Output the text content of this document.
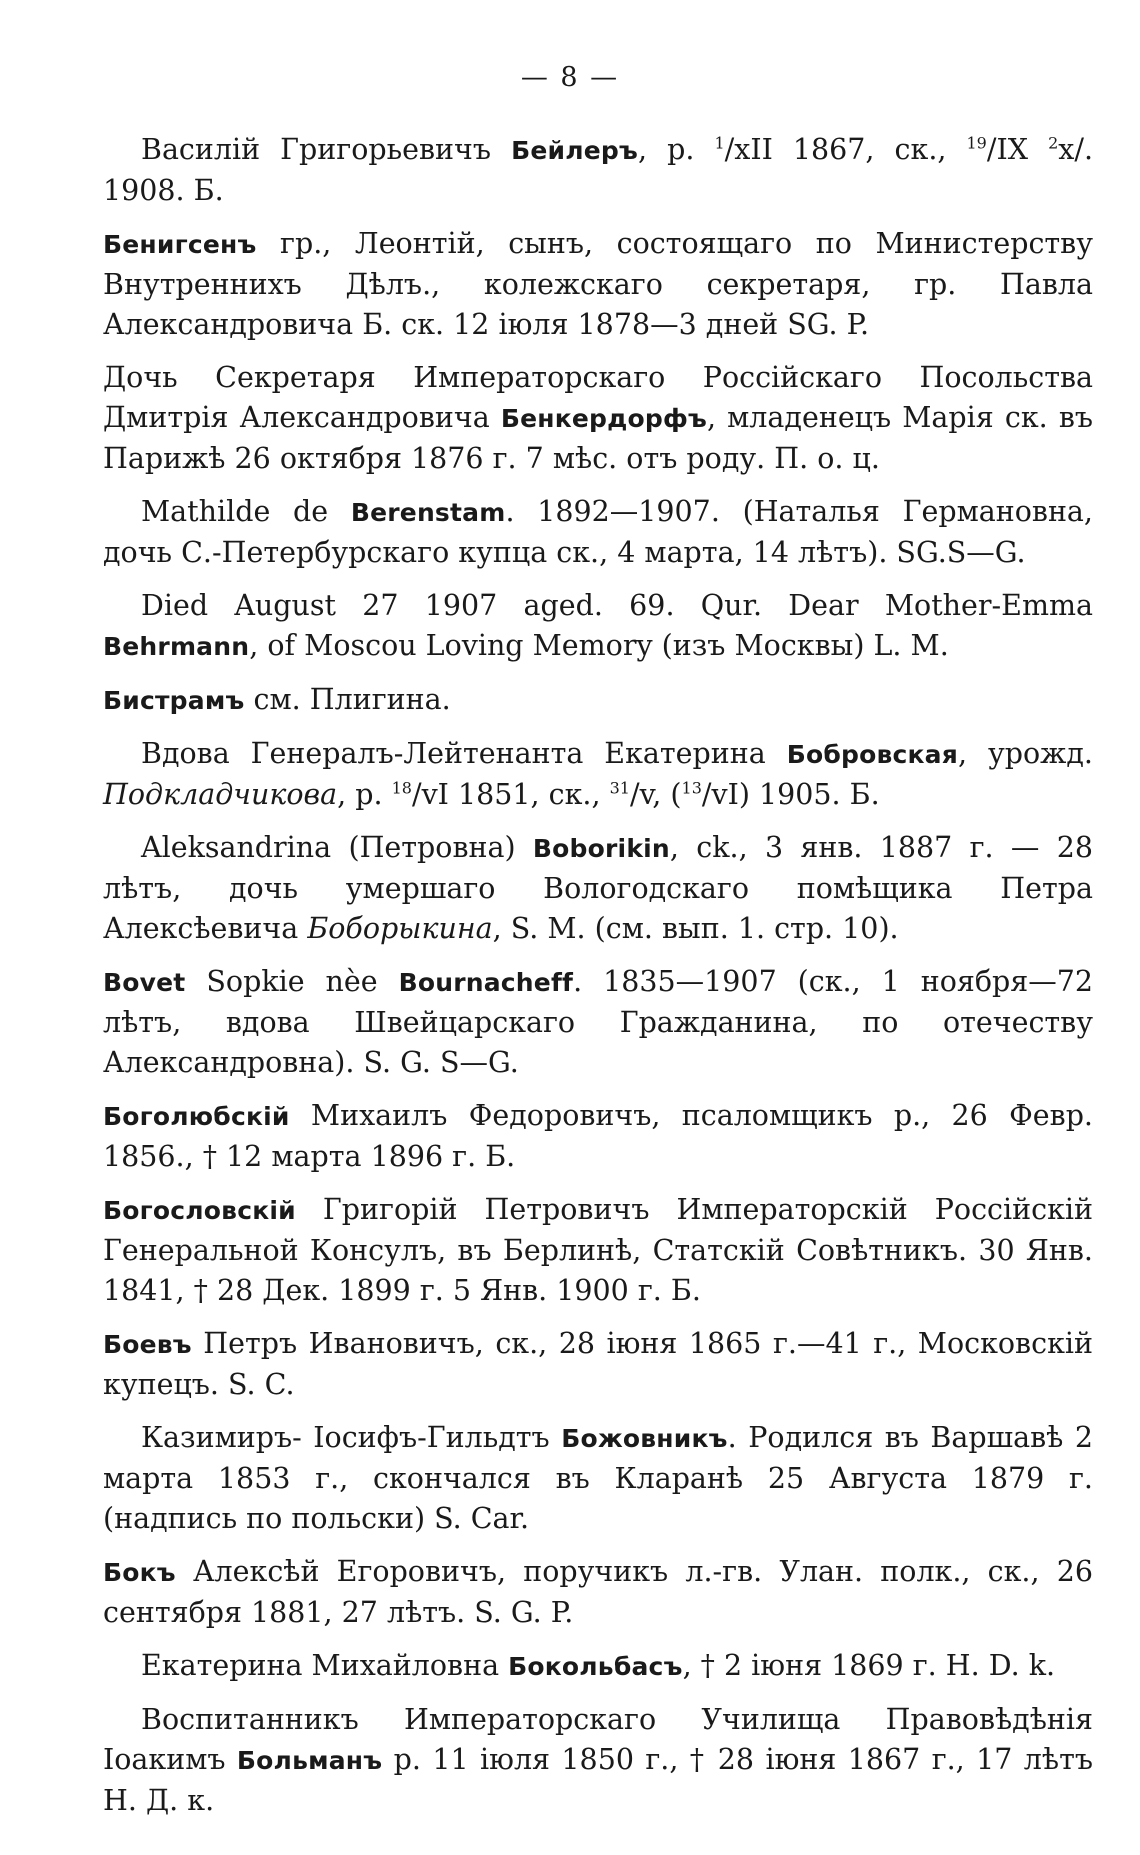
— 8 —

Василій Григорьевичъ Бейлеръ, р. $^1$/xII 1867, ск., $^{19}$/IX $^2$x/. 1908. Б.

Бенигсенъ гр., Леонтій, сынъ, состоящаго по Министерству Внутреннихъ Дѣлъ., колежскаго секретаря, гр. Павла Александровича Б. ск. 12 іюля 1878—3 дней SG. P.

Дочь Секретаря Императорскаго Россійскаго Посольства Дмитрія Александровича Бенкердорфъ, младенецъ Марія ск. въ Парижѣ 26 октября 1876 г. 7 мѣс. отъ роду. П. о. ц.

Mathilde de Berenstam. 1892—1907. (Наталья Германовна, дочь С.-Петербурскаго купца ск., 4 марта, 14 лѣтъ). SG.S—G.

Died August 27 1907 aged. 69. Qur. Dear Mother-Emma Behrmann, of Moscou Loving Memory (изъ Москвы) L. M.

Бистрамъ см. Плигина.

Вдова Генералъ-Лейтенанта Екатерина Бобровская, урожд. Подкладчикова, р. $^{18}$/vI 1851, ск., $^{31}$/v, ($^{13}$/vI) 1905. Б.

Aleksandrina (Петровна) Boborikin, ck., 3 янв. 1887 г. — 28 лѣтъ, дочь умершаго Вологодскаго помѣщика Петра Алексѣевича Боборыкина, S. M. (см. вып. 1. стр. 10).

Bovet Sopkie nèe Bournacheff. 1835—1907 (ск., 1 ноября—72 лѣтъ, вдова Швейцарскаго Гражданина, по отечеству Александровна). S. G. S—G.

Боголюбскій Михаилъ Федоровичъ, псаломщикъ р., 26 Февр. 1856., † 12 марта 1896 г. Б.

Богословскій Григорій Петровичъ Императорскій Россійскій Генеральной Консулъ, въ Берлинѣ, Статскій Совѣтникъ. 30 Янв. 1841, † 28 Дек. 1899 г. 5 Янв. 1900 г. Б.

Боевъ Петръ Ивановичъ, ск., 28 іюня 1865 г.—41 г., Московскій купецъ. S. C.

Казимиръ- Іосифъ-Гильдтъ Божовникъ. Родился въ Варшавѣ 2 марта 1853 г., скончался въ Кларанѣ 25 Августа 1879 г. (надпись по польски) S. Car.

Бокъ Алексѣй Егоровичъ, поручикъ л.-гв. Улан. полк., ск., 26 сентября 1881, 27 лѣтъ. S. G. P.

Екатерина Михайловна Бокольбасъ, † 2 іюня 1869 г. H. D. k.

Воспитанникъ Императорскаго Училища Правовѣдѣнія Іоакимъ Больманъ р. 11 іюля 1850 г., † 28 іюня 1867 г., 17 лѣтъ Н. Д. к.
